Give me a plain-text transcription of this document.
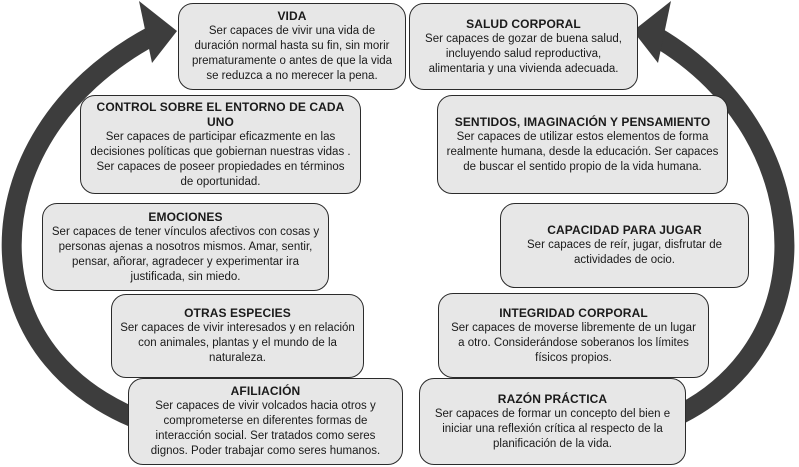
VIDA
Ser capaces de vivir una vida de duración normal hasta su fin, sin morir prematuramente o antes de que la vida se reduzca a no merecer la pena.
SALUD CORPORAL
Ser capaces de gozar de buena salud, incluyendo salud reproductiva, alimentaria y una vivienda adecuada.
CONTROL SOBRE EL ENTORNO DE CADA UNO
Ser capaces de participar eficazmente en las decisiones políticas que gobiernan nuestras vidas . Ser capaces de poseer propiedades en términos de oportunidad.
SENTIDOS, IMAGINACIÓN Y PENSAMIENTO
Ser capaces de utilizar estos elementos de forma realmente humana, desde la educación. Ser capaces de buscar el sentido propio de la vida humana.
EMOCIONES
Ser capaces de tener vínculos afectivos con cosas y personas ajenas a nosotros mismos. Amar, sentir, pensar, añorar, agradecer y experimentar ira justificada, sin miedo.
CAPACIDAD PARA JUGAR
Ser capaces de reír, jugar, disfrutar de actividades de ocio.
OTRAS ESPECIES
Ser capaces de vivir interesados y en relación con animales, plantas y el mundo de la naturaleza.
INTEGRIDAD CORPORAL
Ser capaces de moverse libremente de un lugar a otro. Considerándose soberanos los límites físicos propios.
AFILIACIÓN
Ser capaces de vivir volcados hacia otros y comprometerse en diferentes formas de interacción social. Ser tratados como seres dignos. Poder trabajar como seres humanos.
RAZÓN PRÁCTICA
Ser capaces de formar un concepto del bien e iniciar una reflexión crítica al respecto de la planificación de la vida.
